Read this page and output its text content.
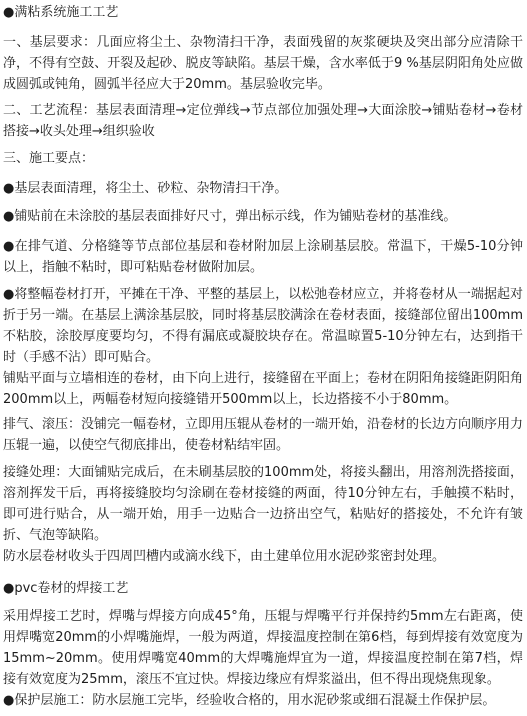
●满粘系统施工工艺

一、基层要求：几面应将尘土、杂物清扫干净，表面残留的灰浆硬块及突出部分应清除干净，不得有空鼓、开裂及起砂、脱皮等缺陷。基层干燥，含水率低于9 %基层阴阳角处应做成圆弧或钝角，圆弧半径应大于20mm。基层验收完毕。

二、工艺流程：基层表面清理→定位弹线→节点部位加强处理→大面涂胶→铺贴卷材→卷材搭接→收头处理→组织验收

三、施工要点：

●基层表面清理，将尘土、砂粒、杂物清扫干净。

●铺贴前在未涂胶的基层表面排好尺寸，弹出标示线，作为铺贴卷材的基准线。

●在排气道、分格缝等节点部位基层和卷材附加层上涂刷基层胶。常温下，干燥5-10分钟以上，指触不粘时，即可粘贴卷材做附加层。

●将整幅卷材打开，平摊在干净、平整的基层上，以松弛卷材应立，并将卷材从一端据起对折于另一端。在基层上满涂基层胶，同时将基层胶满涂在卷材表面，接缝部位留出100mm不粘胶，涂胶厚度要均匀，不得有漏底或凝胶块存在。常温晾置5-10分钟左右，达到指干时（手感不沾）即可贴合。

铺贴平面与立墙相连的卷材，由下向上进行，接缝留在平面上；卷材在阴阳角接缝距阴阳角200mm以上，两幅卷材短向接缝错开500mm以上，长边搭接不小于80mm。

排气、滚压：没铺完一幅卷材，立即用压辊从卷材的一端开始，沿卷材的长边方向顺序用力压辊一遍，以使空气彻底排出，使卷材粘结牢固。

接缝处理：大面铺贴完成后，在未刷基层胶的100mm处，将接头翻出，用溶剂洗搭接面，溶剂挥发干后，再将接缝胶均匀涂刷在卷材接缝的两面，待10分钟左右，手触摸不粘时，即可进行贴合，从一端开始，用手一边贴合一边挤出空气，粘贴好的搭接处，不允许有皱折、气泡等缺陷。

防水层卷材收头于四周凹槽内或滴水线下，由土建单位用水泥砂浆密封处理。

●pvc卷材的焊接工艺

采用焊接工艺时，焊嘴与焊接方向成45°角，压辊与焊嘴平行并保持约5mm左右距离，使用焊嘴宽20mm的小焊嘴施焊，一般为两道，焊接温度控制在第6档，每到焊接有效宽度为15mm~20mm。使用焊嘴宽40mm的大焊嘴施焊宜为一道，焊接温度控制在第7档，焊接有效宽度为25mm，滚压不宜过快。焊接边缘应有焊浆溢出，但不得出现烧焦现象。

●保护层施工：防水层施工完毕，经验收合格的，用水泥砂浆或细石混凝土作保护层。
